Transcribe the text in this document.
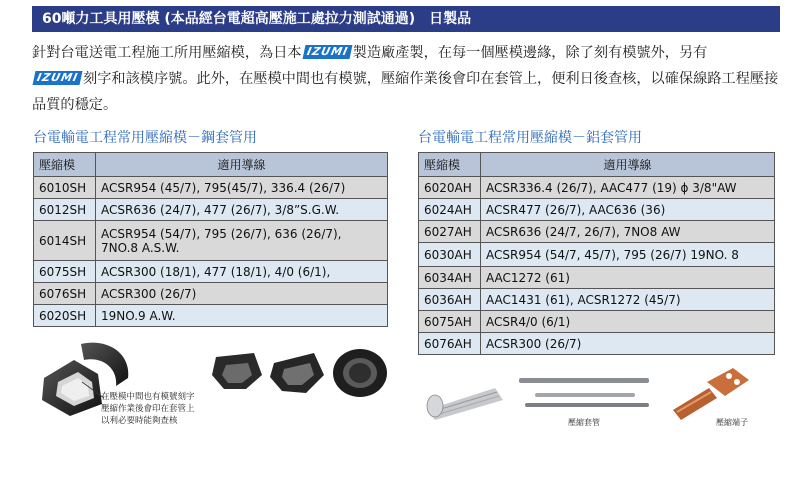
60噸力工具用壓模 (本品經台電超高壓施工處拉力測試通過)　日製品
針對台電送電工程施工所用壓縮模，為日本 IZUMI 製造廠產製，在每一個壓模邊緣，除了刻有模號外，另有
IZUMI 刻字和該模序號。此外，在壓模中間也有模號，壓縮作業後會印在套管上，便利日後查核，以確保線路工程壓接品質的穩定。
台電輸電工程常用壓縮模－鋼套管用
壓縮模	適用導線
6010SH	ACSR954 (45/7), 795(45/7), 336.4 (26/7)
6012SH	ACSR636 (24/7), 477 (26/7), 3/8”S.G.W.
6014SH	ACSR954 (54/7), 795 (26/7), 636 (26/7),
7NO.8 A.S.W.
6075SH	ACSR300 (18/1), 477 (18/1), 4/0 (6/1),
6076SH	ACSR300 (26/7)
6020SH	19NO.9 A.W.
台電輸電工程常用壓縮模－鋁套管用
壓縮模	適用導線
6020AH	ACSR336.4 (26/7), AAC477 (19) ϕ 3/8"AW
6024AH	ACSR477 (26/7), AAC636 (36)
6027AH	ACSR636 (24/7, 26/7), 7NO8 AW
6030AH	ACSR954 (54/7, 45/7), 795 (26/7) 19NO. 8
6034AH	AAC1272 (61)
6036AH	AAC1431 (61), ACSR1272 (45/7)
6075AH	ACSR4/0 (6/1)
6076AH	ACSR300 (26/7)
在壓模中間也有模號刻字
壓縮作業後會印在套管上
以利必要時能夠查核	壓縮套管	壓縮端子
